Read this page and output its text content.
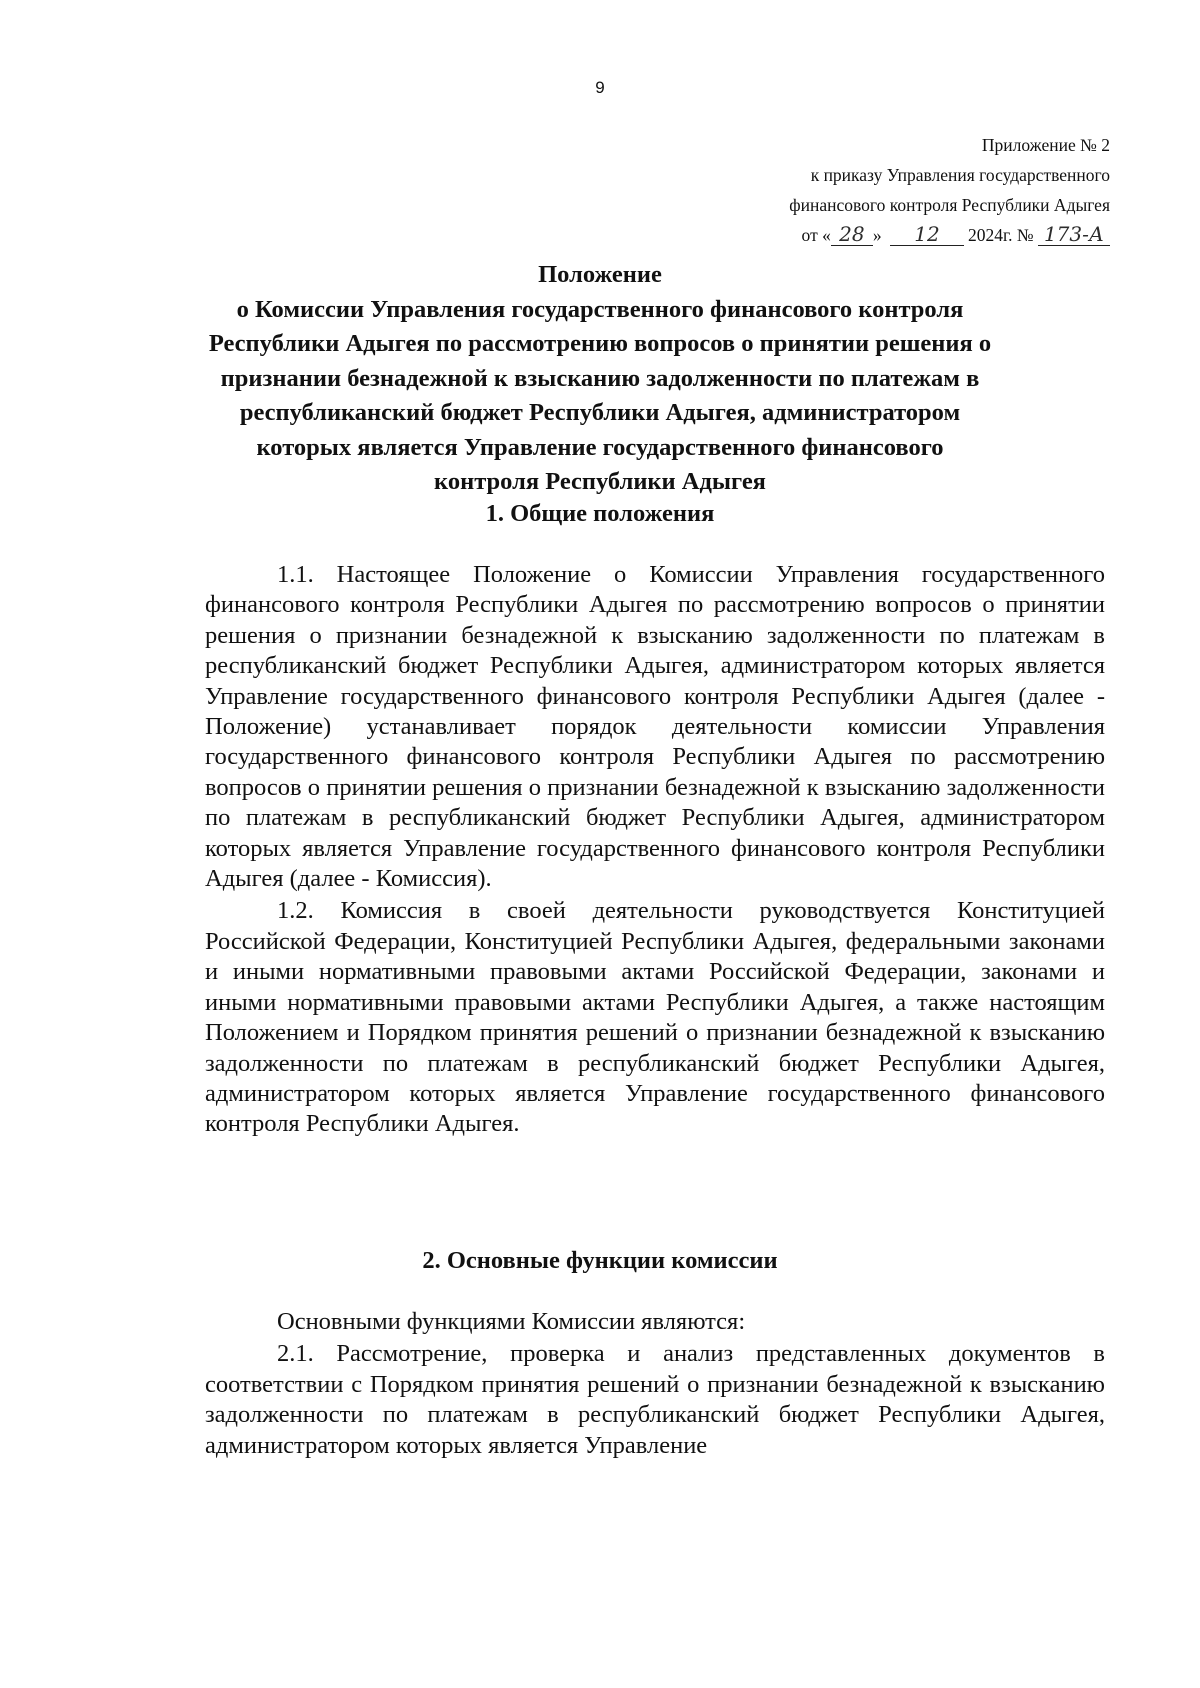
9
Приложение № 2
к приказу Управления государственного
финансового контроля Республики Адыгея
от « 28 » 12 2024г. № 173-А
Положение
о Комиссии Управления государственного финансового контроля
Республики Адыгея по рассмотрению вопросов о принятии решения о
признании безнадежной к взысканию задолженности по платежам в
республиканский бюджет Республики Адыгея, администратором
которых является Управление государственного финансового
контроля Республики Адыгея
1. Общие положения

1.1. Настоящее Положение о Комиссии Управления государственного финансового контроля Республики Адыгея по рассмотрению вопросов о принятии решения о признании безнадежной к взысканию задолженности по платежам в республиканский бюджет Республики Адыгея, администратором которых является Управление государственного финансового контроля Республики Адыгея (далее - Положение) устанавливает порядок деятельности комиссии Управления государственного финансового контроля Республики Адыгея по рассмотрению вопросов о принятии решения о признании безнадежной к взысканию задолженности по платежам в республиканский бюджет Республики Адыгея, администратором которых является Управление государственного финансового контроля Республики Адыгея (далее - Комиссия).

1.2. Комиссия в своей деятельности руководствуется Конституцией Российской Федерации, Конституцией Республики Адыгея, федеральными законами и иными нормативными правовыми актами Российской Федерации, законами и иными нормативными правовыми актами Республики Адыгея, а также настоящим Положением и Порядком принятия решений о признании безнадежной к взысканию задолженности по платежам в республиканский бюджет Республики Адыгея, администратором которых является Управление государственного финансового контроля Республики Адыгея.

2. Основные функции комиссии

Основными функциями Комиссии являются:

2.1. Рассмотрение, проверка и анализ представленных документов в соответствии с Порядком принятия решений о признании безнадежной к взысканию задолженности по платежам в республиканский бюджет Республики Адыгея, администратором которых является Управление
